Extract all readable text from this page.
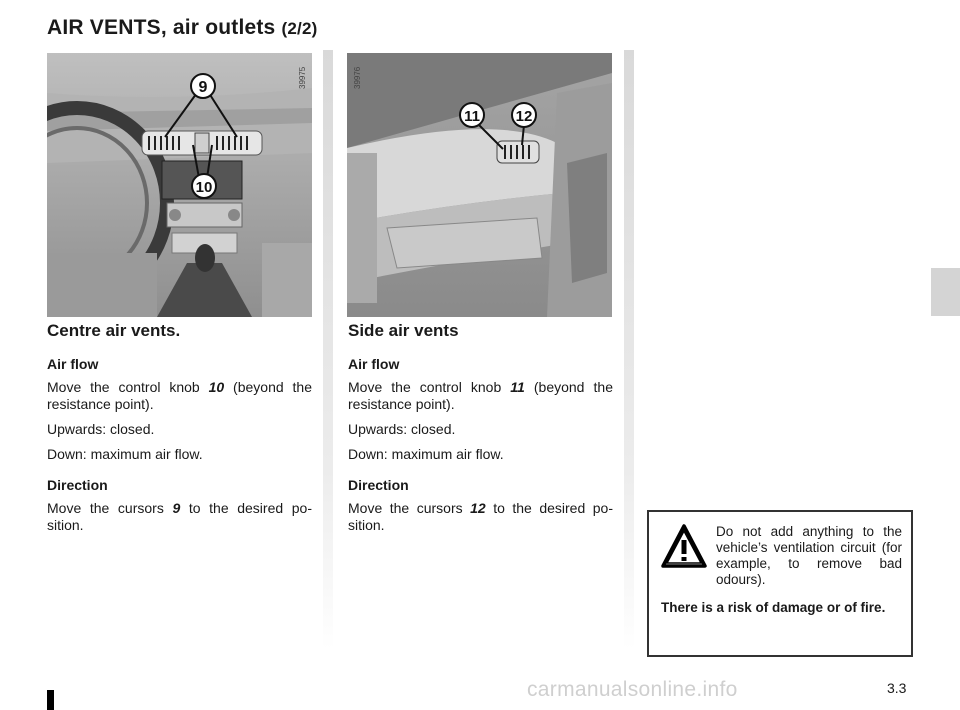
AIR VENTS, air outlets (2/2)
9
10
39975
11 12
39976
Centre air vents.
Air flow

Move the control knob 10 (beyond the resistance point).

Upwards: closed.

Down: maximum air flow.

Direction

Move the cursors 9 to the desired po-sition.

Side air vents
Air flow

Move the control knob 11 (beyond the resistance point).

Upwards: closed.

Down: maximum air flow.

Direction

Move the cursors 12 to the desired po-sition.	Do not add anything to the vehicle’s ventilation circuit (for example, to remove bad odours).
There is a risk of damage or of fire.
3.3
carmanualsonline.info
